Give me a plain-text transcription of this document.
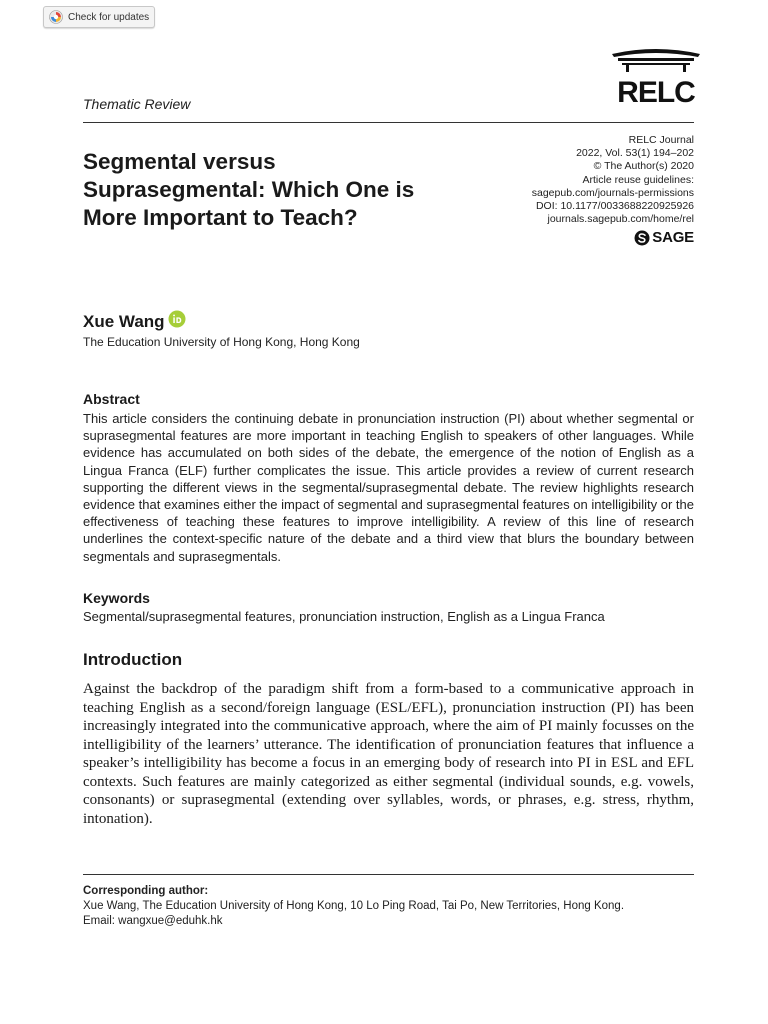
Check for updates
RELC
Thematic Review
Segmental versus Suprasegmental: Which One is More Important to Teach?
RELC Journal
2022, Vol. 53(1) 194–202
© The Author(s) 2020
Article reuse guidelines:
sagepub.com/journals-permissions
DOI: 10.1177/0033688220925926
journals.sagepub.com/home/rel
SAGE
Xue Wang
The Education University of Hong Kong, Hong Kong
Abstract

This article considers the continuing debate in pronunciation instruction (PI) about whether segmental or suprasegmental features are more important in teaching English to speakers of other languages. While evidence has accumulated on both sides of the debate, the emergence of the notion of English as a Lingua Franca (ELF) further complicates the issue. This article provides a review of current research supporting the different views in the segmental/suprasegmental debate. The review highlights research evidence that examines either the impact of segmental and suprasegmental features on intelligibility or the effectiveness of teaching these features to improve intelligibility. A review of this line of research underlines the context-specific nature of the debate and a third view that blurs the boundary between segmentals and suprasegmentals.

Keywords

Segmental/suprasegmental features, pronunciation instruction, English as a Lingua Franca

Introduction

Against the backdrop of the paradigm shift from a form-based to a communicative approach in teaching English as a second/foreign language (ESL/EFL), pronunciation instruction (PI) has been increasingly integrated into the communicative approach, where the aim of PI mainly focusses on the intelligibility of the learners’ utterance. The identification of pronunciation features that influence a speaker’s intelligibility has become a focus in an emerging body of research into PI in ESL and EFL contexts. Such features are mainly categorized as either segmental (individual sounds, e.g. vowels, consonants) or suprasegmental (extending over syllables, words, or phrases, e.g. stress, rhythm, intonation).

Corresponding author:
Xue Wang, The Education University of Hong Kong, 10 Lo Ping Road, Tai Po, New Territories, Hong Kong.
Email: wangxue@eduhk.hk
